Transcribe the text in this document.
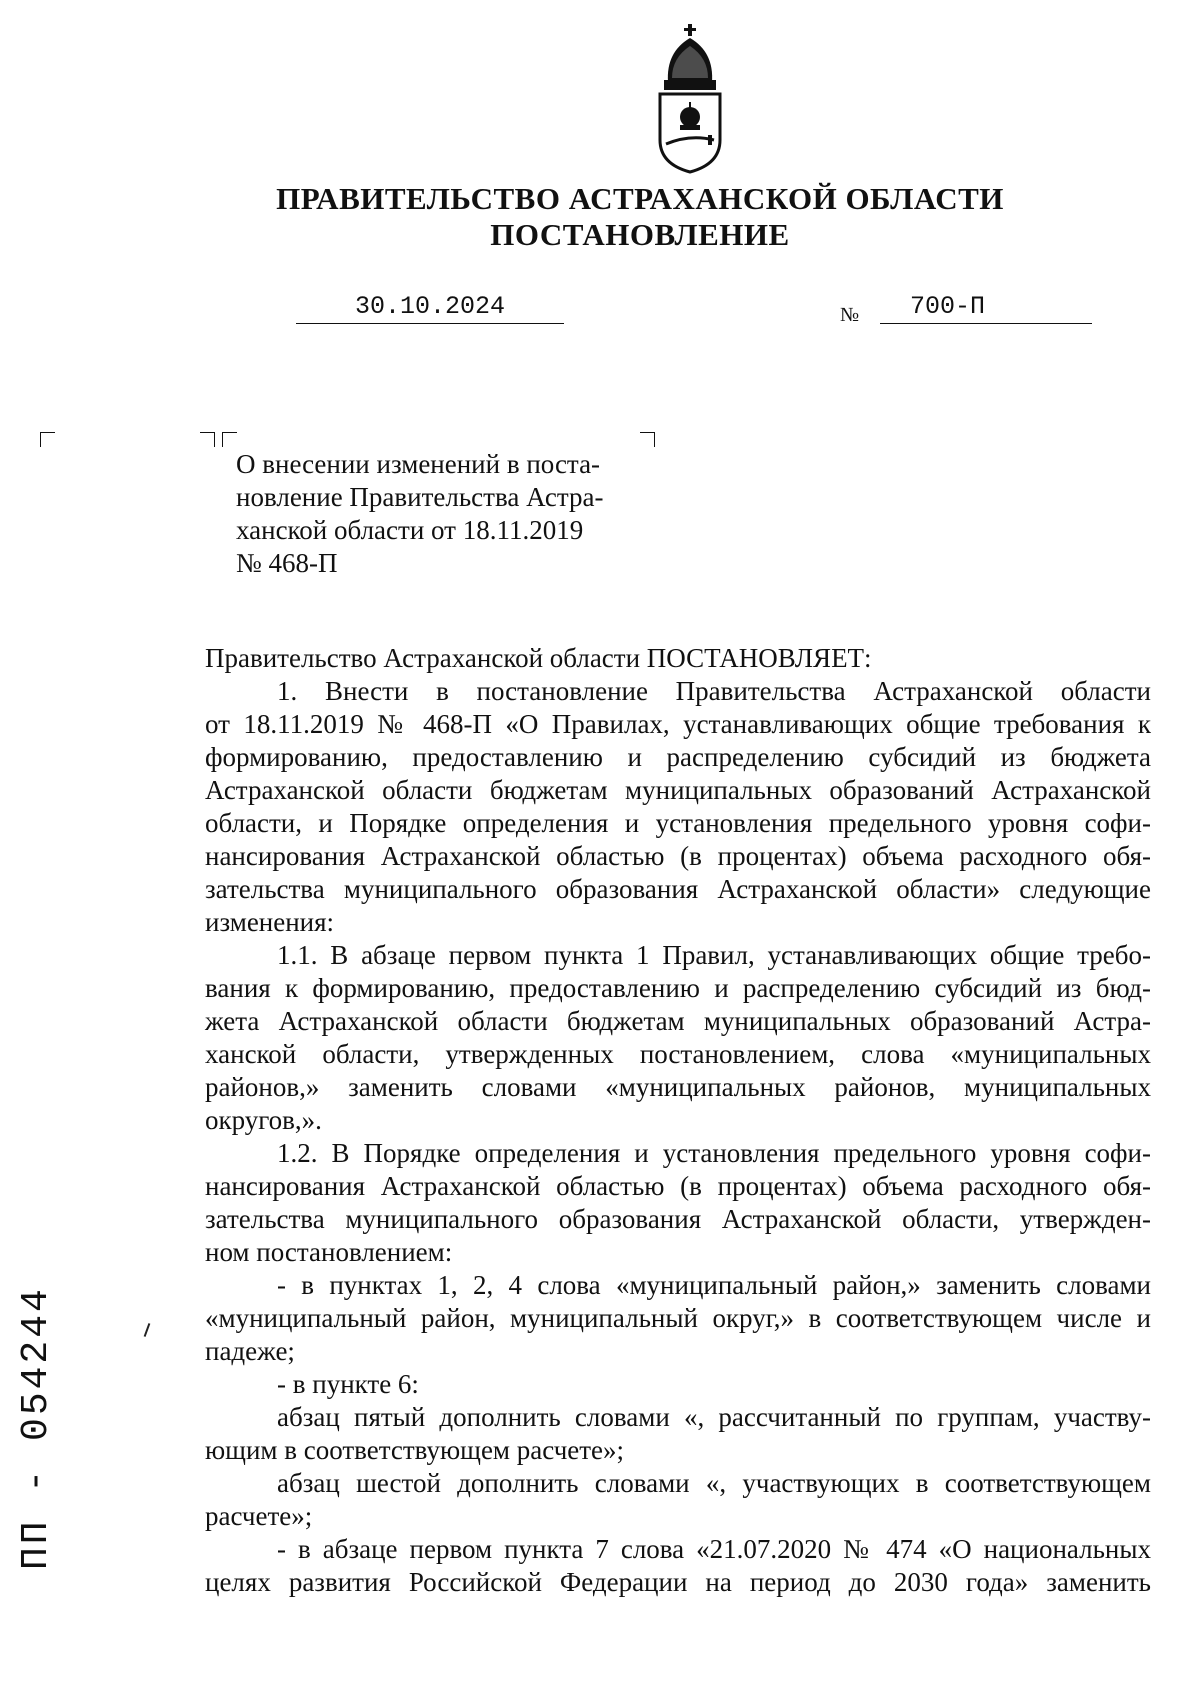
ПРАВИТЕЛЬСТВО АСТРАХАНСКОЙ ОБЛАСТИ
ПОСТАНОВЛЕНИЕ
30.10.2024	№	700-П
О внесении изменений в поста-
новление Правительства Астра-
ханской области от 18.11.2019
№ 468-П
Правительство Астраханской области ПОСТАНОВЛЯЕТ:
1. Внести в постановление Правительства Астраханской области
от 18.11.2019 № 468-П «О Правилах, устанавливающих общие требования к
формированию, предоставлению и распределению субсидий из бюджета
Астраханской области бюджетам муниципальных образований Астраханской
области, и Порядке определения и установления предельного уровня софи-
нансирования Астраханской областью (в процентах) объема расходного обя-
зательства муниципального образования Астраханской области» следующие
изменения:
1.1. В абзаце первом пункта 1 Правил, устанавливающих общие требо-
вания к формированию, предоставлению и распределению субсидий из бюд-
жета Астраханской области бюджетам муниципальных образований Астра-
ханской области, утвержденных постановлением, слова «муниципальных
районов,» заменить словами «муниципальных районов, муниципальных
округов,».
1.2. В Порядке определения и установления предельного уровня софи-
нансирования Астраханской областью (в процентах) объема расходного обя-
зательства муниципального образования Астраханской области, утвержден-
ном постановлением:
- в пунктах 1, 2, 4 слова «муниципальный район,» заменить словами
«муниципальный район, муниципальный округ,» в соответствующем числе и
падеже;
- в пункте 6:
абзац пятый дополнить словами «, рассчитанный по группам, участву-
ющим в соответствующем расчете»;
абзац шестой дополнить словами «, участвующих в соответствующем
расчете»;
- в абзаце первом пункта 7 слова «21.07.2020 № 474 «О национальных
целях развития Российской Федерации на период до 2030 года» заменить
ПП - 054244
